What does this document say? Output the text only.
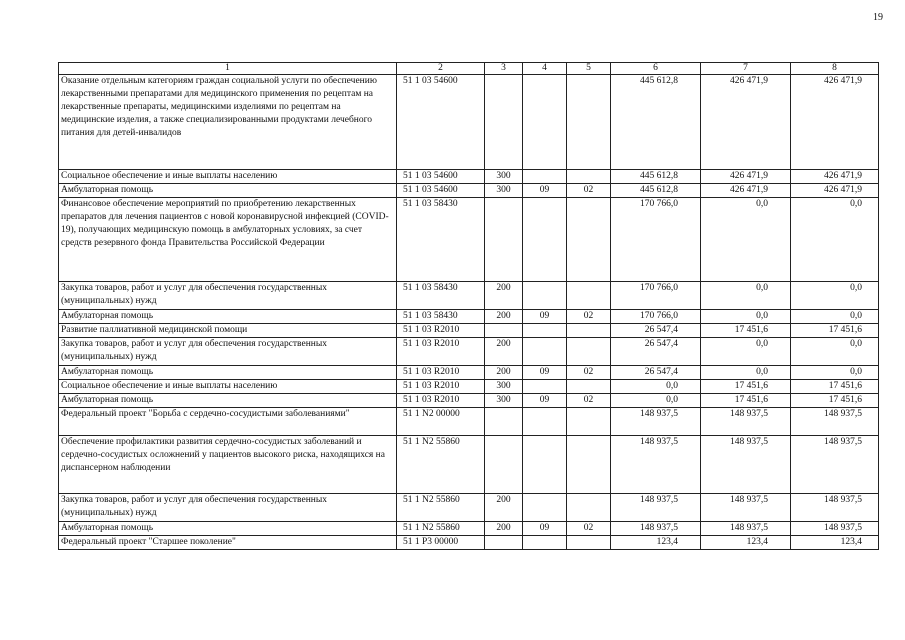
19
1	2	3	4	5	6	7	8
Оказание отдельным категориям граждан социальной услуги по обеспечению лекарственными препаратами для медицинского применения по рецептам на лекарственные препараты, медицинскими изделиями по рецептам на медицинские изделия, а также специализированными продуктами лечебного питания для детей-инвалидов	51 1 03 54600				445 612,8	426 471,9	426 471,9
Социальное обеспечение и иные выплаты населению	51 1 03 54600	300			445 612,8	426 471,9	426 471,9
Амбулаторная помощь	51 1 03 54600	300	09	02	445 612,8	426 471,9	426 471,9
Финансовое обеспечение мероприятий по приобретению лекарственных препаратов для лечения пациентов с новой коронавирусной инфекцией (COVID-19), получающих медицинскую помощь в амбулаторных условиях, за счет средств резервного фонда Правительства Российской Федерации	51 1 03 58430				170 766,0	0,0	0,0
Закупка товаров, работ и услуг для обеспечения государственных (муниципальных) нужд	51 1 03 58430	200			170 766,0	0,0	0,0
Амбулаторная помощь	51 1 03 58430	200	09	02	170 766,0	0,0	0,0
Развитие паллиативной медицинской помощи	51 1 03 R2010				26 547,4	17 451,6	17 451,6
Закупка товаров, работ и услуг для обеспечения государственных (муниципальных) нужд	51 1 03 R2010	200			26 547,4	0,0	0,0
Амбулаторная помощь	51 1 03 R2010	200	09	02	26 547,4	0,0	0,0
Социальное обеспечение и иные выплаты населению	51 1 03 R2010	300			0,0	17 451,6	17 451,6
Амбулаторная помощь	51 1 03 R2010	300	09	02	0,0	17 451,6	17 451,6
Федеральный проект "Борьба с сердечно-сосудистыми заболеваниями"	51 1 N2 00000				148 937,5	148 937,5	148 937,5
Обеспечение профилактики развития сердечно-сосудистых заболеваний и сердечно-сосудистых осложнений у пациентов высокого риска, находящихся на диспансерном наблюдении	51 1 N2 55860				148 937,5	148 937,5	148 937,5
Закупка товаров, работ и услуг для обеспечения государственных (муниципальных) нужд	51 1 N2 55860	200			148 937,5	148 937,5	148 937,5
Амбулаторная помощь	51 1 N2 55860	200	09	02	148 937,5	148 937,5	148 937,5
Федеральный проект "Старшее поколение"	51 1 P3 00000				123,4	123,4	123,4
